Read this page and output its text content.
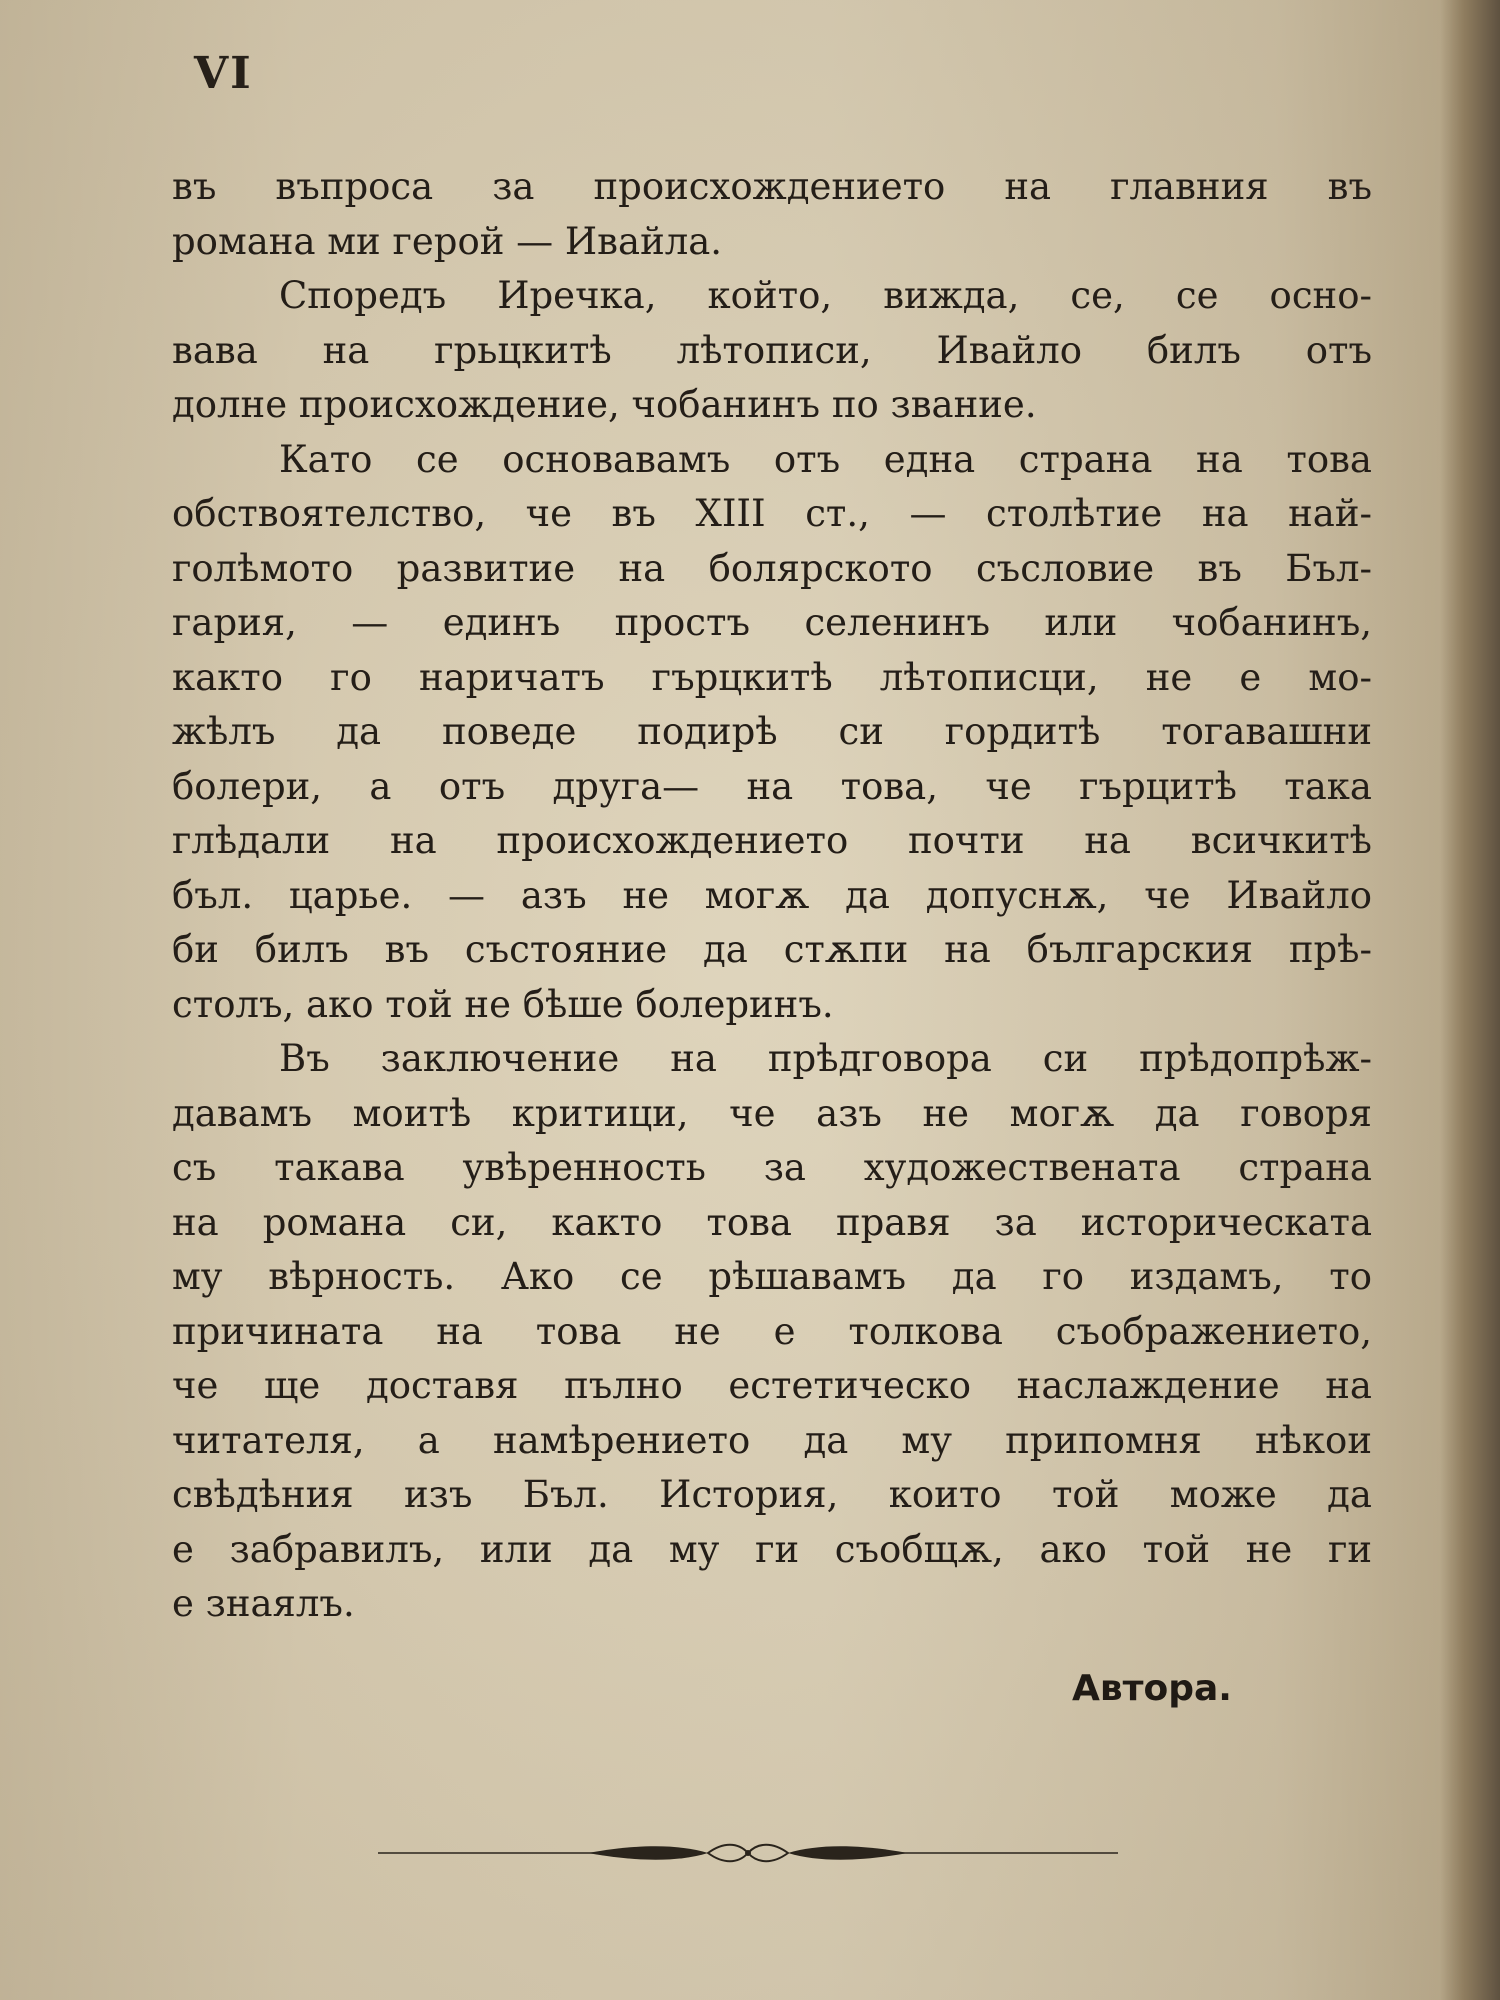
VI
въ въпроса за происхождението на главния въ
романа ми герой — Ивайла.
Споредъ Иречка, който, вижда, се, се осно-
вава на грьцкитѣ лѣтописи, Ивайло билъ отъ
долне происхождение, чобанинъ по звание.
Като се основавамъ отъ една страна на това
обствоятелство, че въ XIII ст., — столѣтие на най-
голѣмото развитие на болярското съсловие въ Бъл-
гария, — единъ простъ селенинъ или чобанинъ,
както го наричатъ гърцкитѣ лѣтописци, не е мо-
жѣлъ да поведе подирѣ си гордитѣ тогавашни
болери, а отъ друга— на това, че гърцитѣ така
глѣдали на происхождението почти на всичкитѣ
бъл. царье. — азъ не могѫ да допуснѫ, че Ивайло
би билъ въ състояние да стѫпи на българския прѣ-
столъ, ако той не бѣше болеринъ.
Въ заключение на прѣдговора си прѣдопрѣж-
давамъ моитѣ критици, че азъ не могѫ да говоря
съ такава увѣренность за художествената страна
на романа си, както това правя за историческата
му вѣрность. Ако се рѣшавамъ да го издамъ, то
причината на това не е толкова съображението,
че ще доставя пълно естетическо наслаждение на
читателя, а намѣрението да му припомня нѣкои
свѣдѣния изъ Бъл. История, които той може да
е забравилъ, или да му ги съобщѫ, ако той не ги
е знаялъ.
Автора.
